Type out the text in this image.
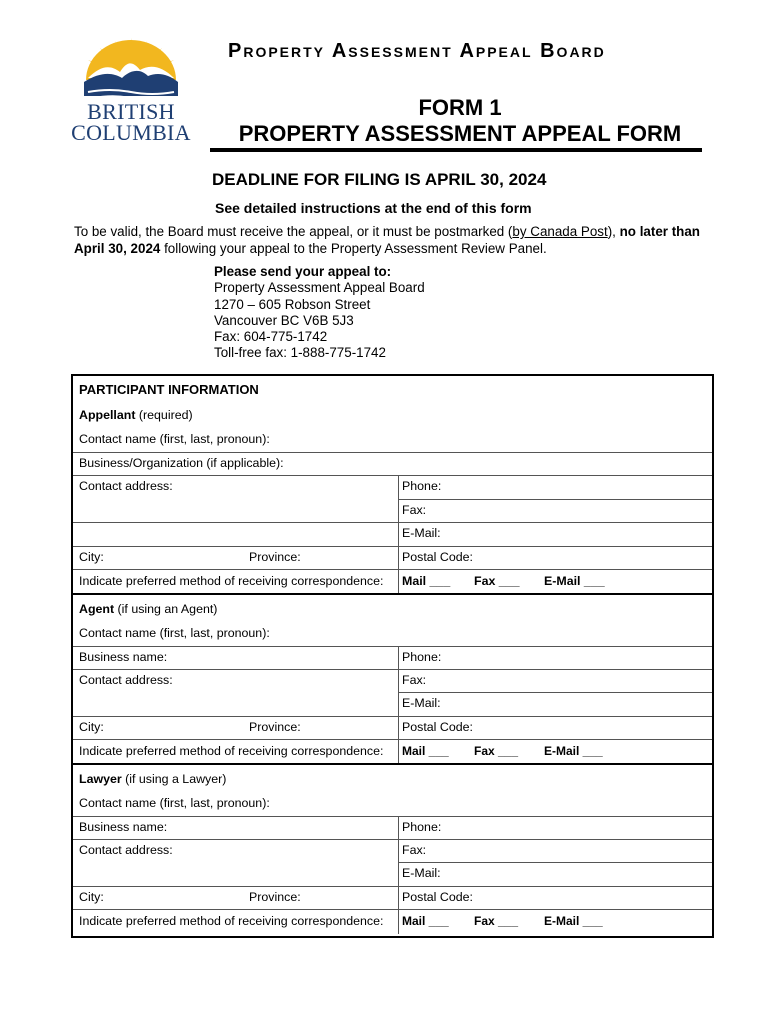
BRITISH
COLUMBIA
Property Assessment Appeal Board
FORM 1
PROPERTY ASSESSMENT APPEAL FORM
DEADLINE FOR FILING IS APRIL 30, 2024
See detailed instructions at the end of this form
To be valid, the Board must receive the appeal, or it must be postmarked (by Canada Post), no later than April 30, 2024 following your appeal to the Property Assessment Review Panel.
Please send your appeal to:
Property Assessment Appeal Board
1270 – 605 Robson Street
Vancouver BC V6B 5J3
Fax: 604-775-1742
Toll-free fax: 1-888-775-1742
PARTICIPANT INFORMATION
Appellant (required)
Contact name (first, last, pronoun):
Business/Organization (if applicable):
Contact address:	Phone:
Fax:
E-Mail:
City:	Province:	Postal Code:
Indicate preferred method of receiving correspondence: Mail ___ Fax ___ E-Mail ___
Agent (if using an Agent)
Contact name (first, last, pronoun):
Business name:	Phone:
Contact address:	Fax:
E-Mail:
City:	Province:	Postal Code:
Indicate preferred method of receiving correspondence: Mail ___ Fax ___ E-Mail ___
Lawyer (if using a Lawyer)
Contact name (first, last, pronoun):
Business name:	Phone:
Contact address:	Fax:
E-Mail:
City:	Province:	Postal Code:
Indicate preferred method of receiving correspondence: Mail ___ Fax ___ E-Mail ___
